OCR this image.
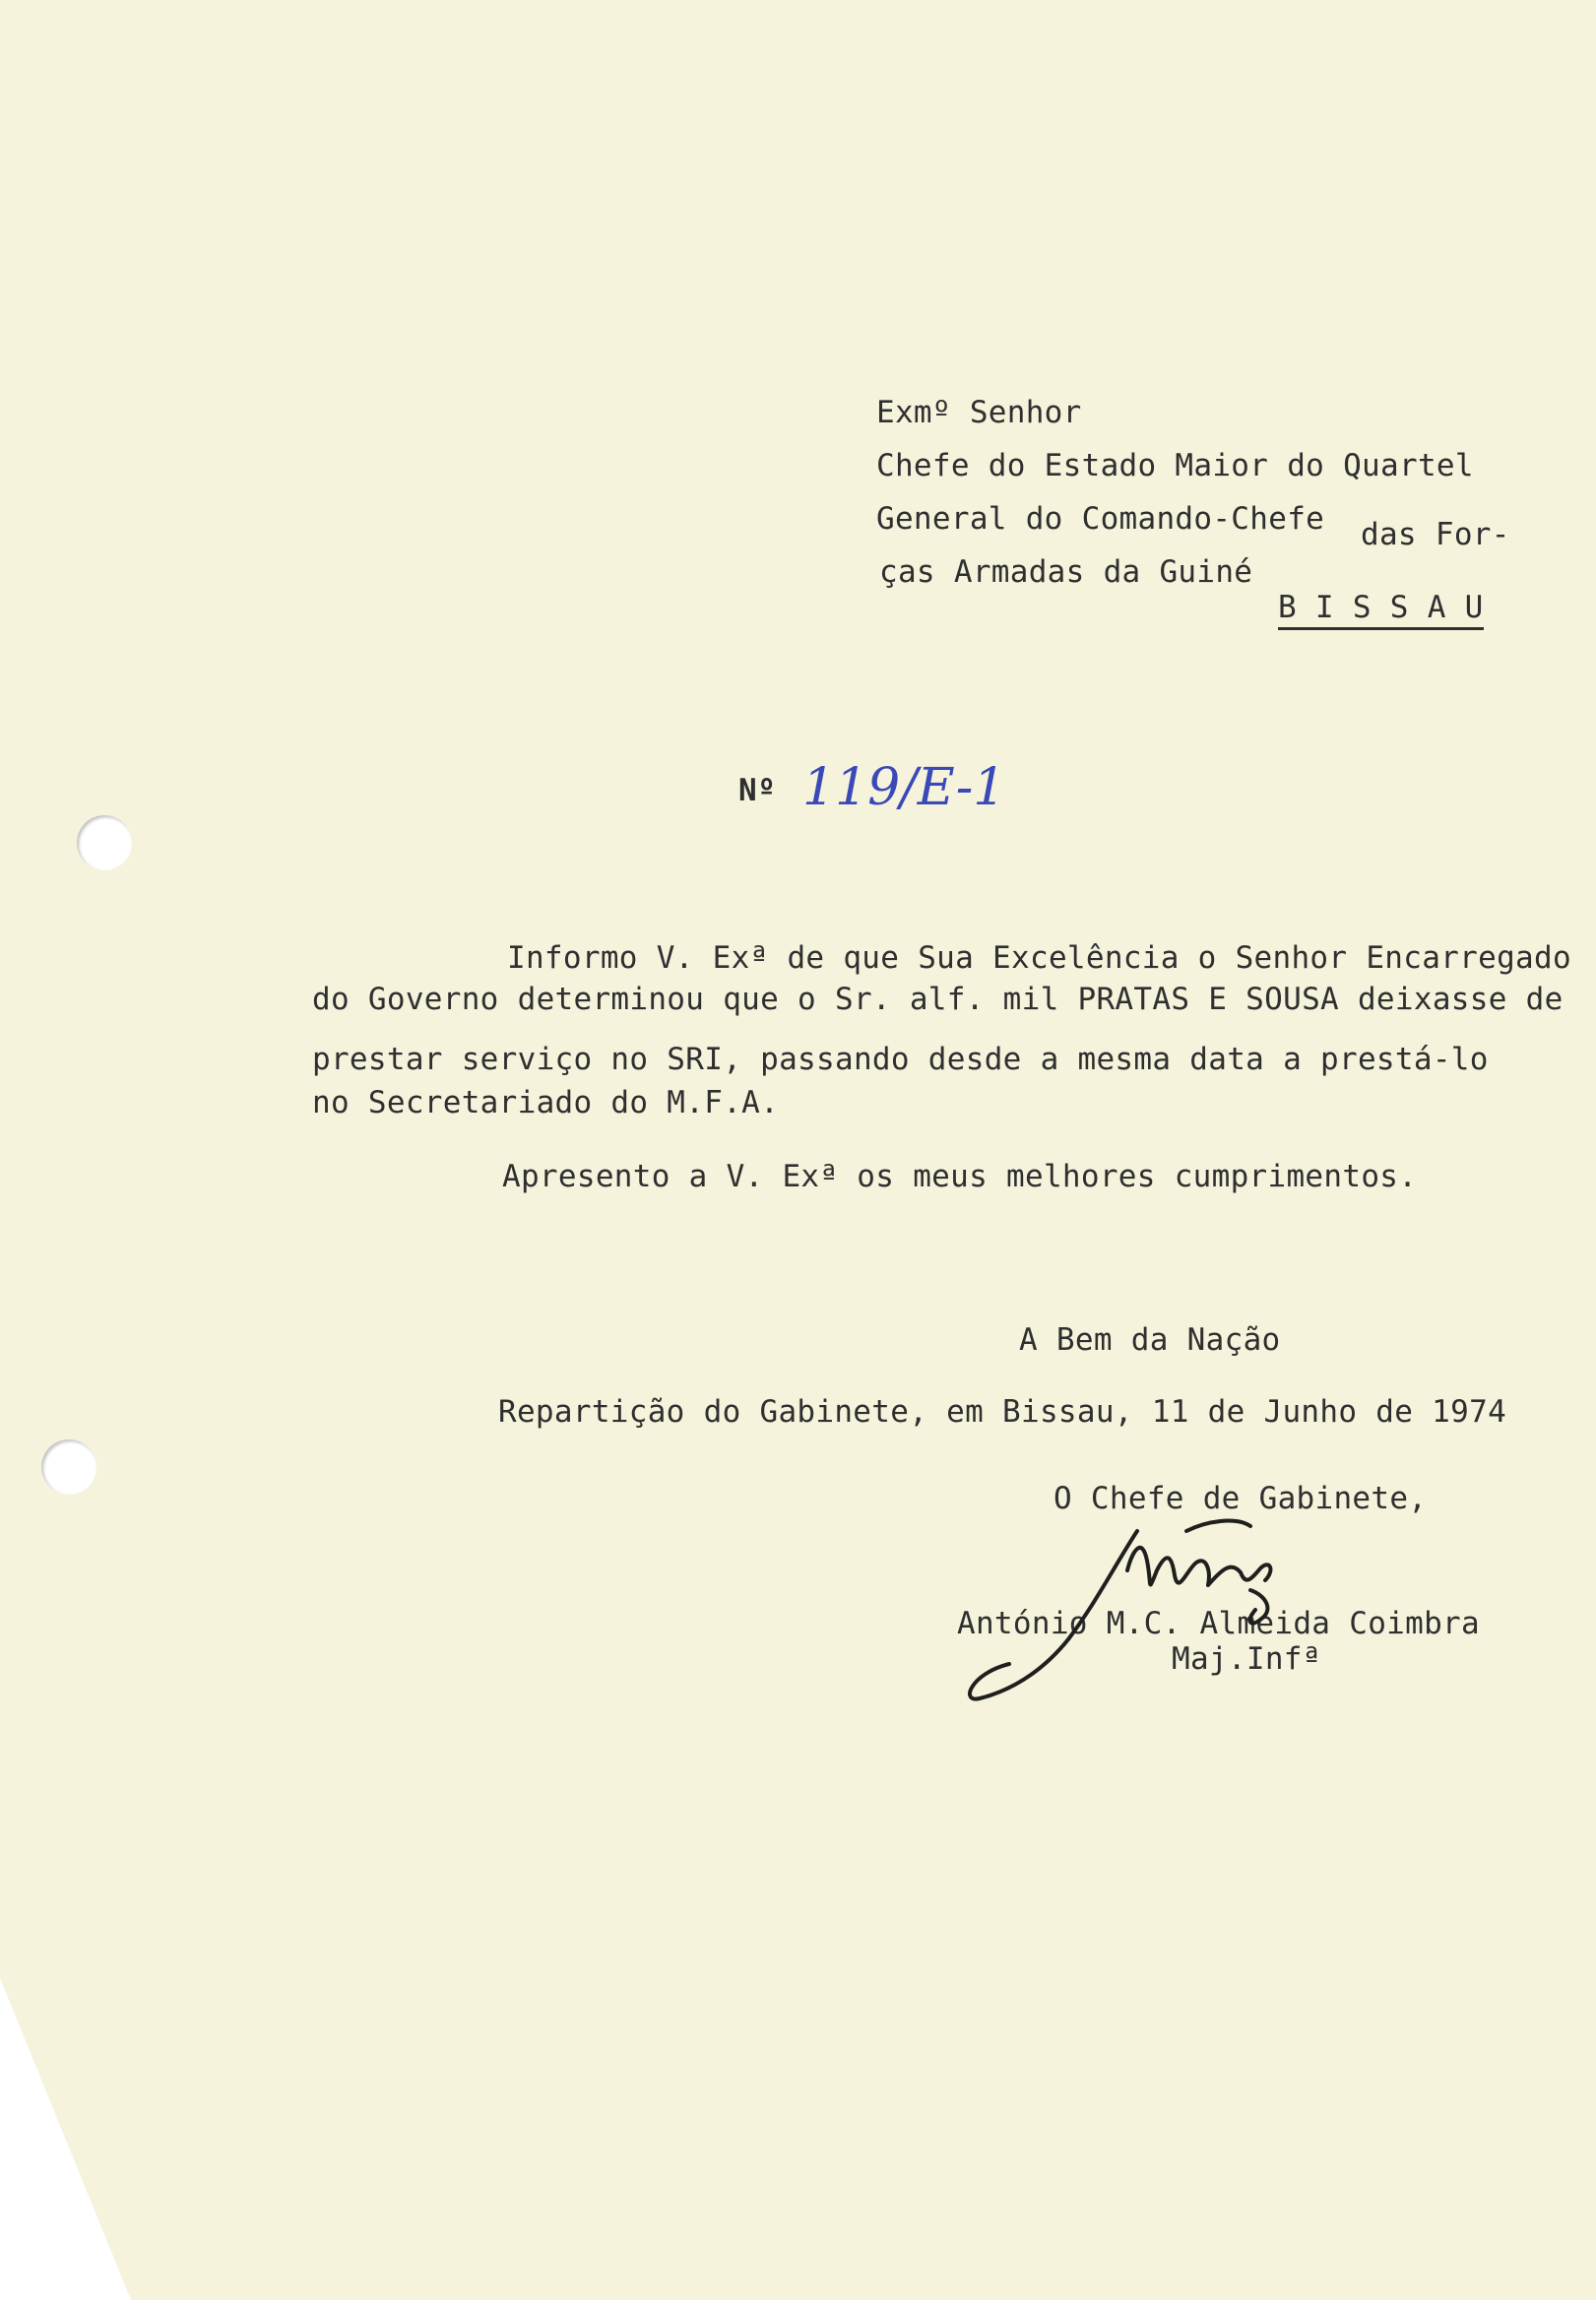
Exmº Senhor
Chefe do Estado Maior do Quartel
General do Comando-Chefe das For-
ças Armadas da Guiné
B I S S A U
Nº 119/E-1
Informo V. Exª de que Sua Excelência o Senhor Encarregado
do Governo determinou que o Sr. alf. mil PRATAS E SOUSA deixasse de
prestar serviço no SRI, passando desde a mesma data a prestá-lo
no Secretariado do M.F.A.
Apresento a V. Exª os meus melhores cumprimentos.
A Bem da Nação
Repartição do Gabinete, em Bissau, 11 de Junho de 1974
O Chefe de Gabinete,
António M.C. Almeida Coimbra
Maj.Infª
